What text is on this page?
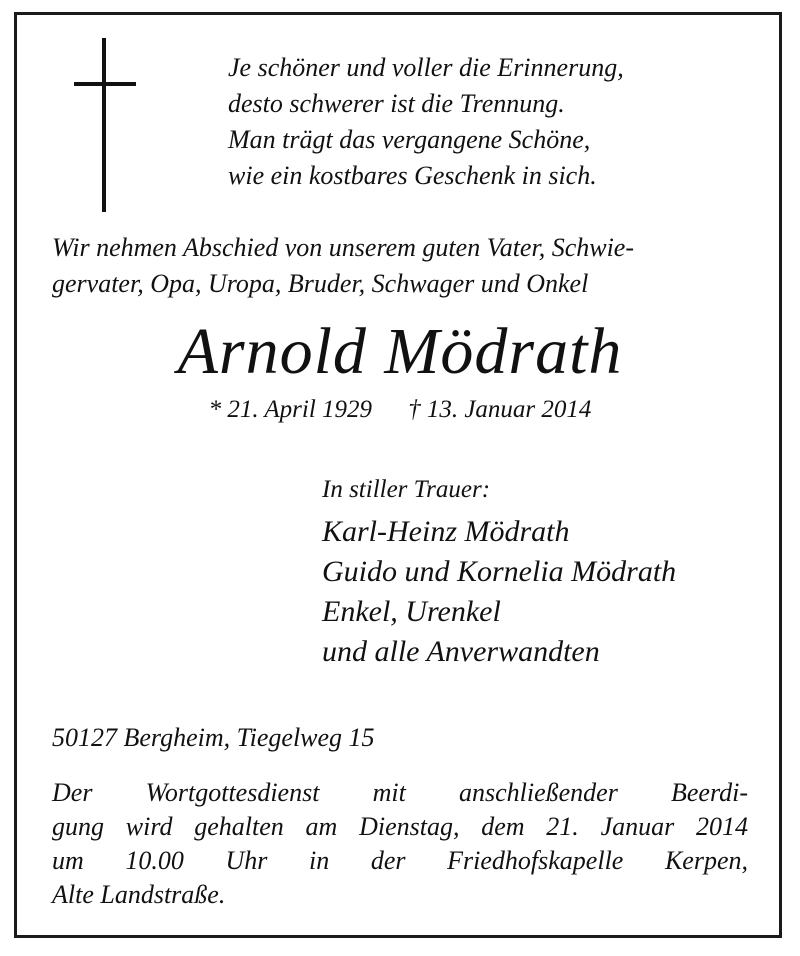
Je schöner und voller die Erinnerung,
desto schwerer ist die Trennung.
Man trägt das vergangene Schöne,
wie ein kostbares Geschenk in sich.
Wir nehmen Abschied von unserem guten Vater, Schwie-
gervater, Opa, Uropa, Bruder, Schwager und Onkel
Arnold Mödrath
* 21. April 1929 † 13. Januar 2014
In stiller Trauer:
Karl-Heinz Mödrath
Guido und Kornelia Mödrath
Enkel, Urenkel
und alle Anverwandten
50127 Bergheim, Tiegelweg 15
Der Wortgottesdienst mit anschließender Beerdi-
gung wird gehalten am Dienstag, dem 21. Januar 2014
um 10.00 Uhr in der Friedhofskapelle Kerpen,
Alte Landstraße.
